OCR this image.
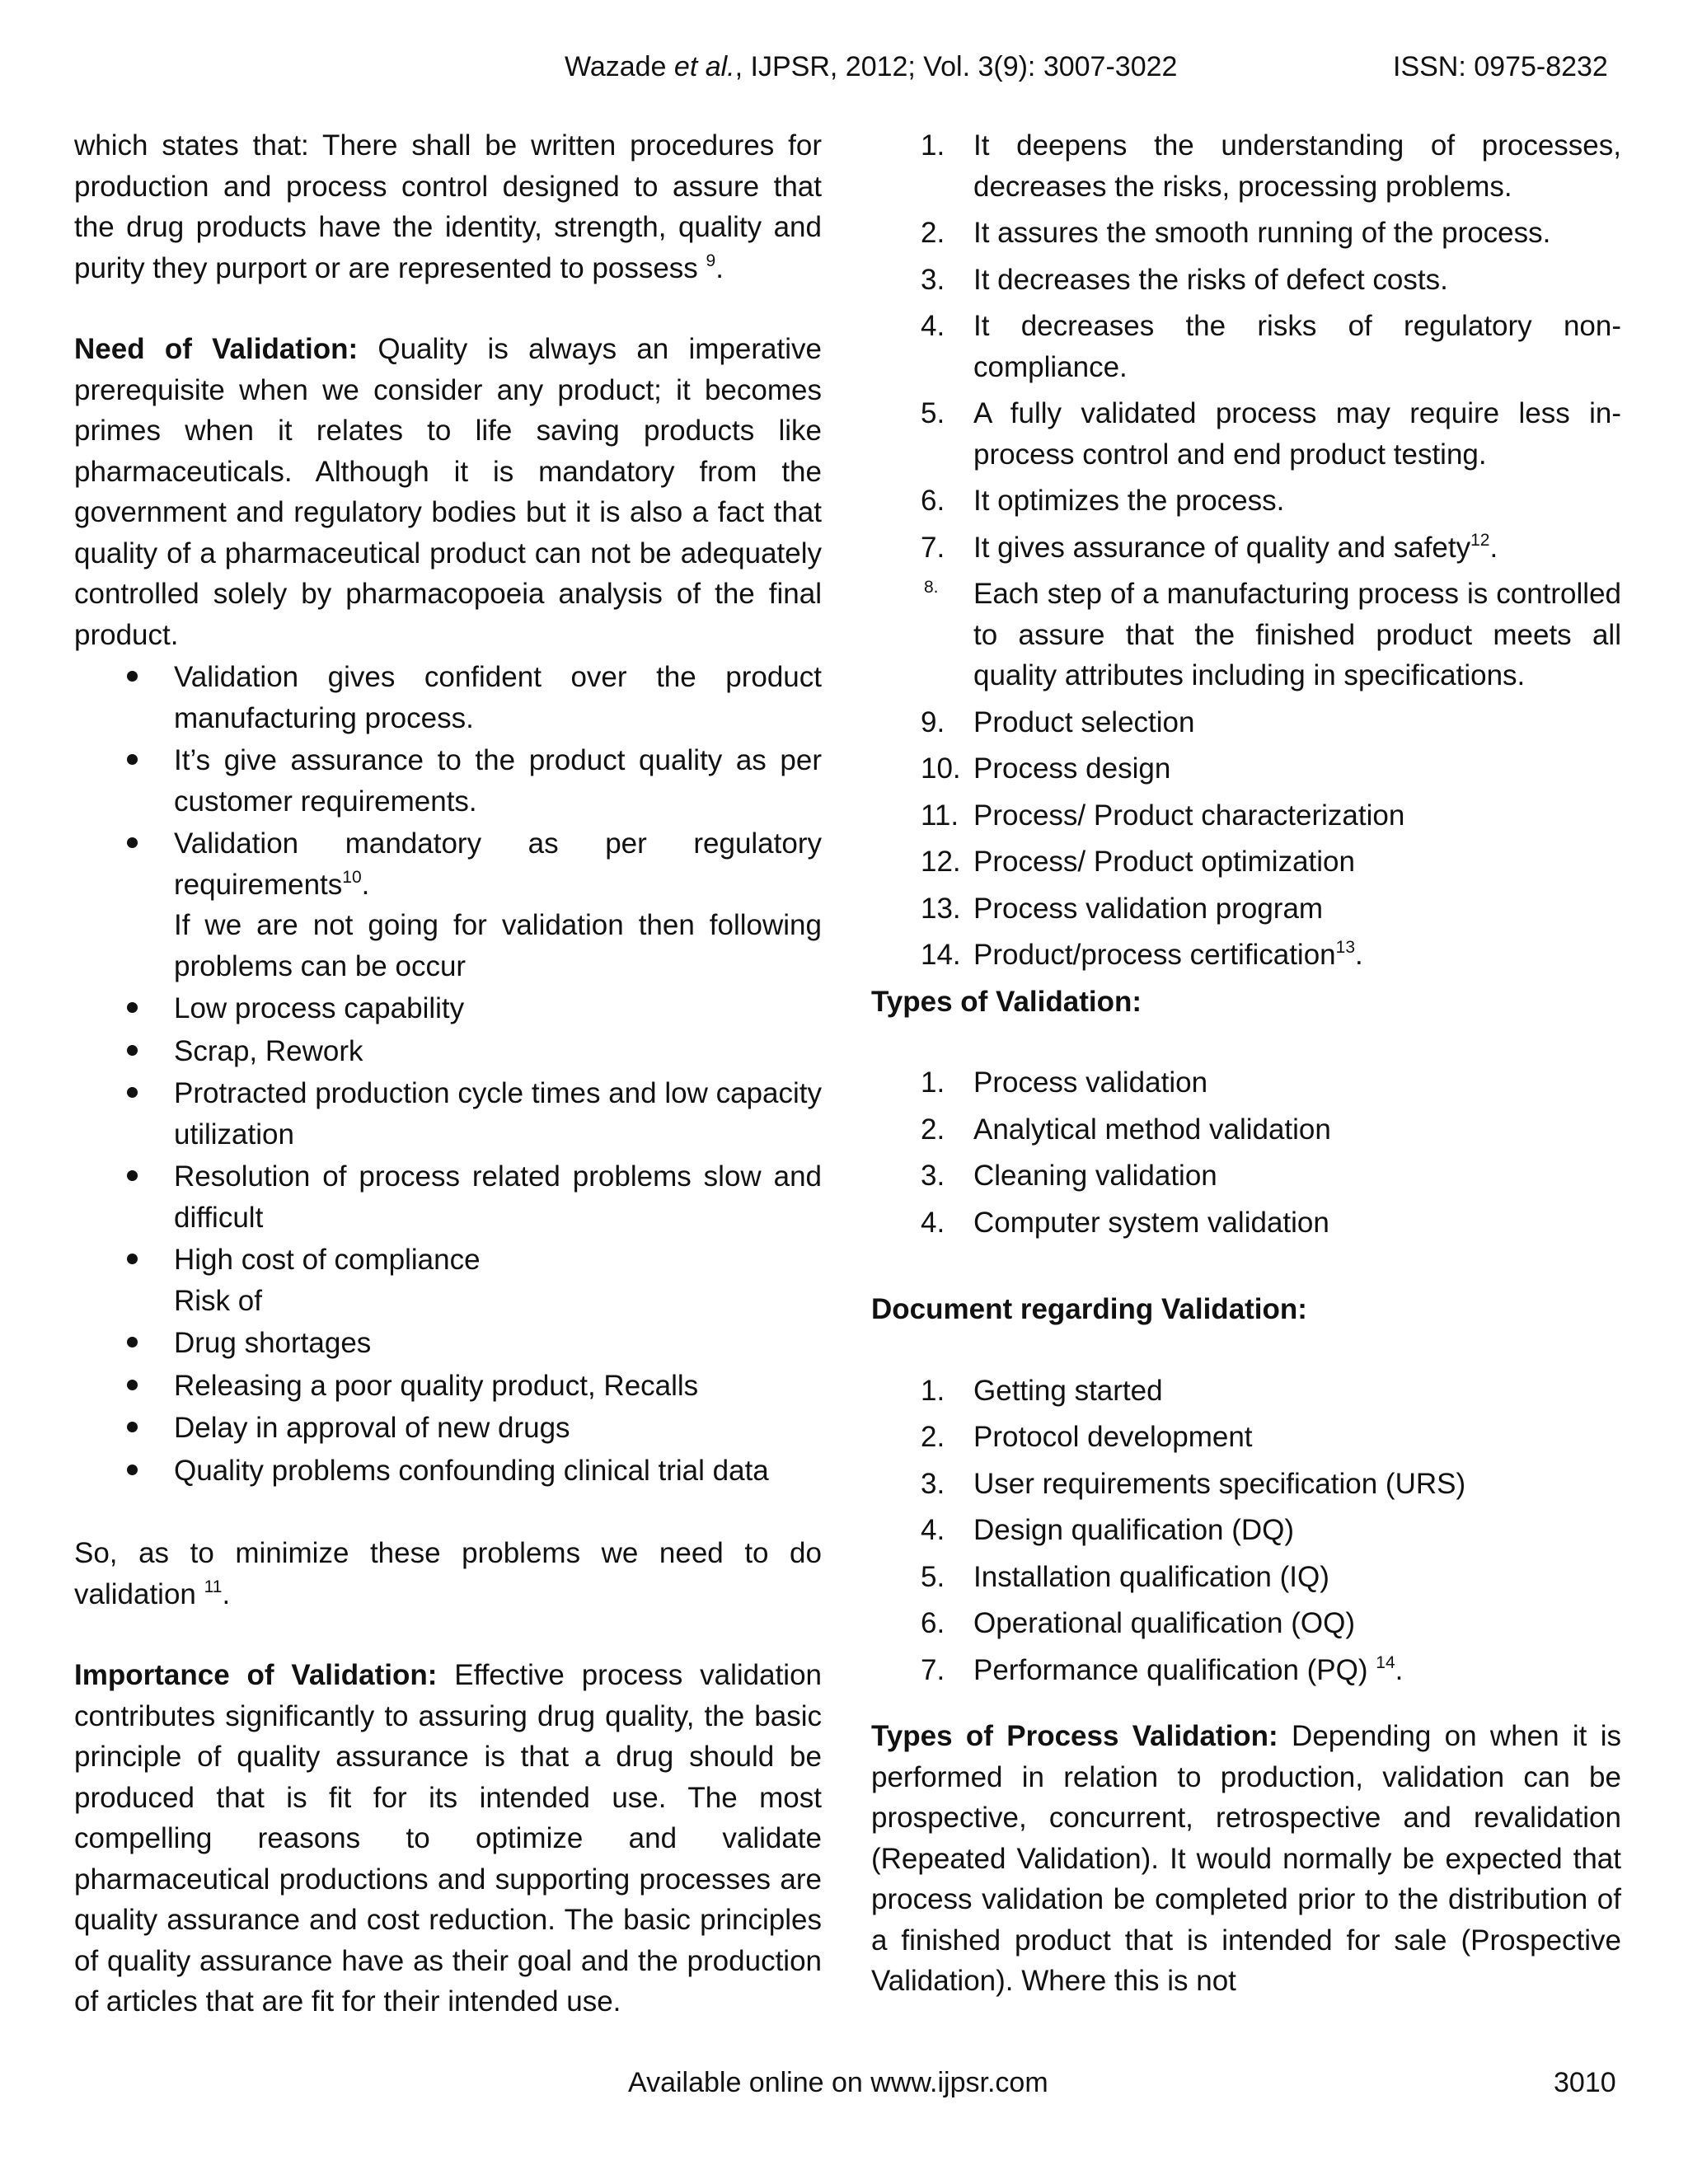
Wazade et al., IJPSR, 2012; Vol. 3(9): 3007-3022	ISSN: 0975-8232

which states that: There shall be written procedures for production and process control designed to assure that the drug products have the identity, strength, quality and purity they purport or are represented to possess $^9$.

Need of Validation: Quality is always an imperative prerequisite when we consider any product; it becomes primes when it relates to life saving products like pharmaceuticals. Although it is mandatory from the government and regulatory bodies but it is also a fact that quality of a pharmaceutical product can not be adequately controlled solely by pharmacopoeia analysis of the final product.

Validation gives confident over the product manufacturing process.
It’s give assurance to the product quality as per customer requirements.
Validation mandatory as per regulatory requirements$^{10}$.
If we are not going for validation then following problems can be occur
Low process capability
Scrap, Rework
Protracted production cycle times and low capacity utilization
Resolution of process related problems slow and difficult
High cost of compliance
Risk of
Drug shortages
Releasing a poor quality product, Recalls
Delay in approval of new drugs
Quality problems confounding clinical trial data

So, as to minimize these problems we need to do validation $^{11}$.

Importance of Validation: Effective process validation contributes significantly to assuring drug quality, the basic principle of quality assurance is that a drug should be produced that is fit for its intended use. The most compelling reasons to optimize and validate pharmaceutical productions and supporting processes are quality assurance and cost reduction. The basic principles of quality assurance have as their goal and the production of articles that are fit for their intended use.

1. It deepens the understanding of processes, decreases the risks, processing problems.
2. It assures the smooth running of the process.
3. It decreases the risks of defect costs.
4. It decreases the risks of regulatory non-compliance.
5. A fully validated process may require less in-process control and end product testing.
6. It optimizes the process.
7. It gives assurance of quality and safety$^{12}$.
8. Each step of a manufacturing process is controlled to assure that the finished product meets all quality attributes including in specifications.
9. Product selection
10. Process design
11. Process/ Product characterization
12. Process/ Product optimization
13. Process validation program
14. Product/process certification$^{13}$.

Types of Validation:

1. Process validation
2. Analytical method validation
3. Cleaning validation
4. Computer system validation

Document regarding Validation:

1. Getting started
2. Protocol development
3. User requirements specification (URS)
4. Design qualification (DQ)
5. Installation qualification (IQ)
6. Operational qualification (OQ)
7. Performance qualification (PQ) $^{14}$.

Types of Process Validation: Depending on when it is performed in relation to production, validation can be prospective, concurrent, retrospective and revalidation (Repeated Validation). It would normally be expected that process validation be completed prior to the distribution of a finished product that is intended for sale (Prospective Validation). Where this is not

Available online on www.ijpsr.com	3010
